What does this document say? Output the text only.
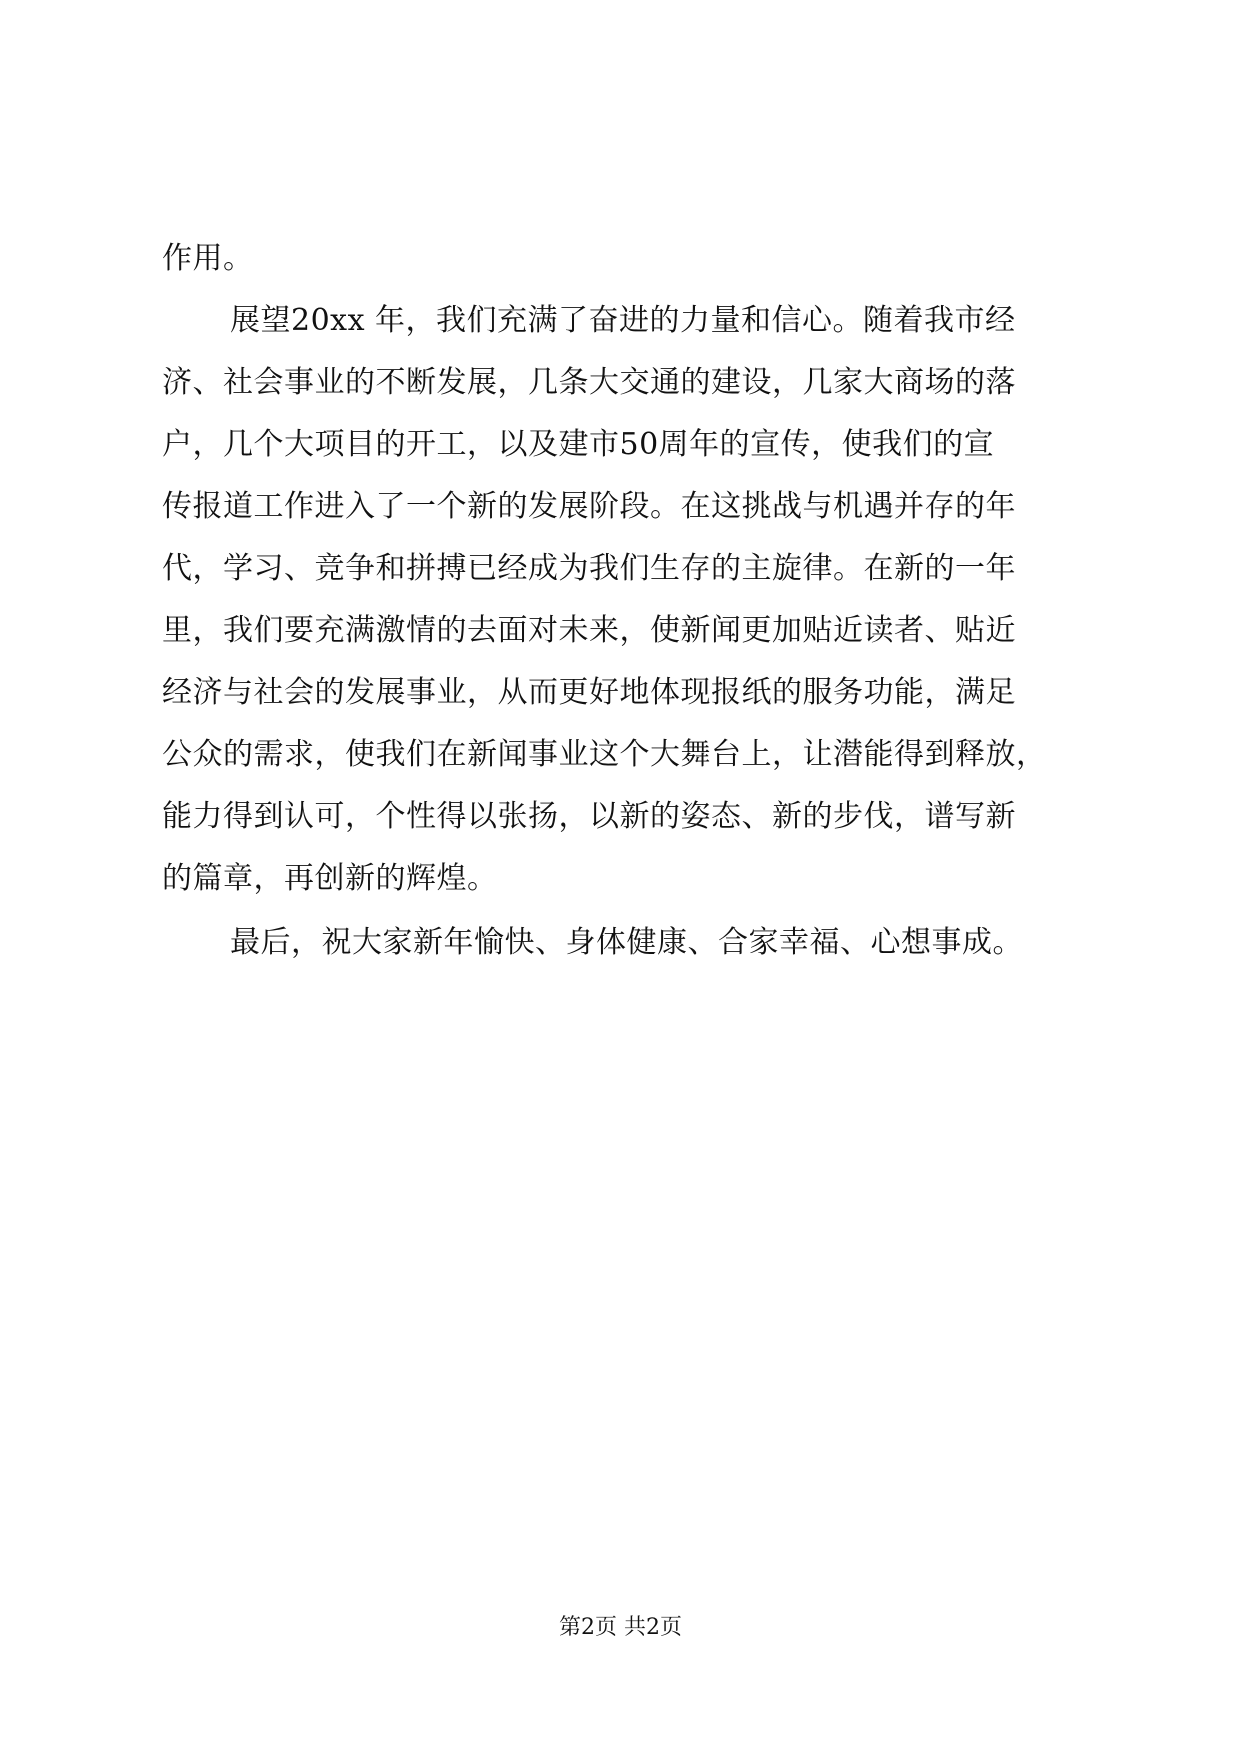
作用。
展望20xx 年，我们充满了奋进的力量和信心。随着我市经
济、社会事业的不断发展，几条大交通的建设，几家大商场的落
户，几个大项目的开工，以及建市50周年的宣传，使我们的宣
传报道工作进入了一个新的发展阶段。在这挑战与机遇并存的年
代，学习、竞争和拼搏已经成为我们生存的主旋律。在新的一年
里，我们要充满激情的去面对未来，使新闻更加贴近读者、贴近
经济与社会的发展事业，从而更好地体现报纸的服务功能，满足
公众的需求，使我们在新闻事业这个大舞台上，让潜能得到释放，
能力得到认可，个性得以张扬，以新的姿态、新的步伐，谱写新
的篇章，再创新的辉煌。
最后，祝大家新年愉快、身体健康、合家幸福、心想事成。
第2页 共2页
